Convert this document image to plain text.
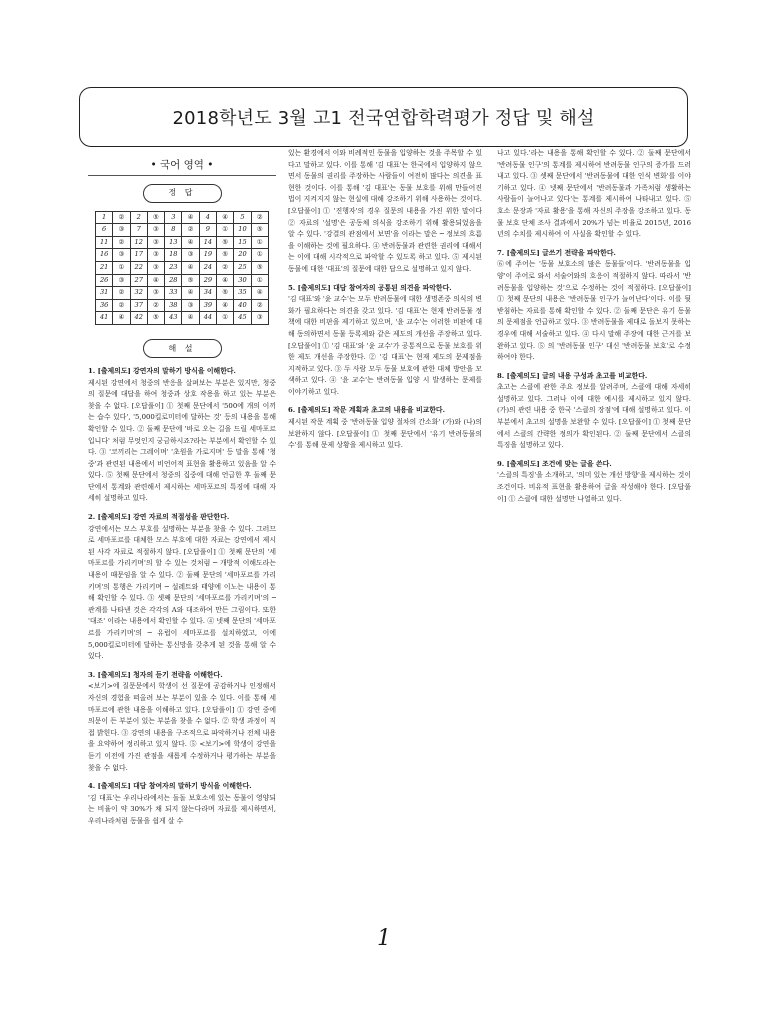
2018학년도 3월 고1 전국연합학력평가 정답 및 해설
• 국어 영역 •
정 답
1	②	2	⑤	3	④	4	④	5	②
6	③	7	③	8	②	9	①	10	⑤
11	②	12	③	13	④	14	⑤	15	①
16	③	17	③	18	③	19	⑤	20	①
21	①	22	③	23	④	24	②	25	⑤
26	③	27	④	28	⑤	29	④	30	①
31	②	32	③	33	④	34	⑤	35	④
36	②	37	②	38	③	39	④	40	②
41	④	42	⑤	43	④	44	①	45	③
해 설
1. [출제의도] 강연자의 말하기 방식을 이해한다.
제시된 강연에서 청중의 반응을 살펴보는 부분은 있지만, 청중의 질문에 대답을 하여 청중과 상호 작용을 하고 있는 부분은 찾을 수 없다. [오답풀이] ① 첫째 문단에서 '500에 개의 이끼는 습수 있다', '5,000킬로미터에 달하는 것' 등의 내용을 통해 확인할 수 있다. ② 둘째 문단에 '바로 오는 길을 드릴 세마포르입니다' 처럼 무엇인지 궁금하시죠?라는 부분에서 확인할 수 있다. ③ '코끼리는 그레이며' '초원을 가로지며' 등 말을 통해 '청중'과 관련된 내용에서 비언어적 표현을 활용하고 있음을 알 수 있다. ⑤ 첫째 문단에서 청중의 집중에 대해 언급한 후 둘째 문단에서 통계와 관련해서 제시하는 세마포르의 특징에 대해 자세히 설명하고 있다.
2. [출제의도] 강연 자료의 적절성을 판단한다.
강연에서는 모스 부호를 설명하는 부분을 찾을 수 있다. 그러므로 세마포르를 대체한 모스 부호에 대한 자료는 강연에서 제시된 사각 자료로 적절하지 않다. [오답풀이] ① 첫째 문단의 '세마포르를 가리키며'의 할 수 있는 것처럼 ─ 개방적 이해도라는 내용이 때문임을 알 수 있다. ② 둘째 문단의 '세마포르를 가리키며'의 통행은 가리키며 ─ 설레트와 태양에 이노는 내용이 통해 확인할 수 있다. ③ 셋째 문단의 '세마포르를 가리키며'의 ─ 관계를 나타낸 것은 각각의 A와 대조하여 만든 그림이다. 또한 '대조' 이라는 내용에서 확인할 수 있다. ④ 넷째 문단의 '세마포르를 가리키며'의 ─ 유럽이 세마포르를 설치하였고, 이에 5,000킬로미터에 달하는 통신망을 갖추게 된 것을 통해 알 수 있다.
3. [출제의도] 청자의 듣기 전략을 이해한다.
<보기>에 질문문에서 학생이 선 질문에 공감하거나 인정해서 자신의 경험을 떠올려 보는 부분이 있을 수 있다. 이를 통해 세마포르에 관한 내용을 이해하고 있다. [오답풀이] ① 강연 중에 의문이 든 부분이 있는 부분을 찾을 수 없다. ② 학생 과정이 직접 밝힌다. ③ 강연의 내용을 구조적으로 파악하거나 전체 내용을 요약하여 정리하고 있지 않다. ⑤ <보기>에 학생이 강연을 듣기 이전에 가진 관점을 새롭게 수정하거나 평가하는 부분을 찾을 수 없다.
4. [출제의도] 대담 참여자의 말하기 방식을 이해한다.
'김 대표'는 우리나라에서는 돌돌 보호소에 있는 동물이 영양되는 비율이 약 30%가 채 되지 않는다라며 자료를 제시하면서, 우리나라처럼 동물을 쉽게 살 수
있는 환경에서 이와 비례적인 동물을 입양하는 것을 주목할 수 있다고 말하고 있다. 이를 통해 '김 대표'는 한국에서 입양하지 않으면서 동물의 권리를 주장하는 사람들이 여전히 많다는 의견을 표현한 것이다. 이를 통해 '김 대표'는 동물 보호를 위해 만들어진 법이 지켜지지 않는 현실에 대해 강조하기 위해 사용하는 것이다. [오답풀이] ① '진행자'의 경우 질문의 내용을 가진 위한 말이다 ② 자료의 '설명'은 공동체 의식을 강조하기 위해 활용되었음을 알 수 있다. '강결의 관점에서 보면'을 이라는 말은 ─ 정보의 흐름을 이해하는 것에 필요하다. ④ 반려동물과 관련한 권리에 대해서는 이에 대해 시각적으로 파악할 수 있도록 하고 있다. ⑤ 제시된 동물에 대한 '대표'의 질문에 대한 답으로 설명하고 있지 않다.
5. [출제의도] 대담 참여자의 공통된 의견을 파악한다.
'김 대표'와 '윤 교수'는 모두 반려동물에 대한 생명존중 의식의 변화가 필요하다는 의견을 갖고 있다. '김 대표'는 현재 반려동물 정책에 대한 비판을 제기하고 있으며, '윤 교수'는 이러한 비판에 대해 동의하면서 동물 등록제와 같은 제도의 개선을 주장하고 있다. [오답풀이] ① '김 대표'와 '윤 교수'가 공통적으로 동물 보호를 위한 제도 개선을 주장한다. ② '김 대표'는 현재 제도의 문제점을 지적하고 있다. ③ 두 사람 모두 동물 보호에 관한 대체 방안을 모색하고 있다. ④ '윤 교수'는 반려동물 입양 시 발생하는 문제를 이야기하고 있다.
6. [출제의도] 작문 계획과 초고의 내용을 비교한다.
제시된 작문 계획 중 '반려동물 입양 절차의 간소화' (가)와 (나)의 보완하지 않다. [오답풀이] ① 첫째 문단에서 '유기 반려동물의 수'를 통해 문제 상황을 제시하고 있다.
나고 있다.'라는 내용을 통해 확인할 수 있다. ② 둘째 문단에서 '반려동물 인구'의 통계를 제시하여 반려동물 인구의 증가를 드러내고 있다. ③ 셋째 문단에서 '반려동물에 대한 인식 변화'를 이야기하고 있다. ④ 넷째 문단에서 '반려동물과 가족처럼 생활하는 사람들이 늘어나고 있다'는 통계를 제시하여 나타내고 있다. ⑤ 호소 문장과 '자료 활용'을 통해 자신의 주장을 강조하고 있다. 동물 보호 단체 조사 결과에서 20%가 넘는 비율로 2015년, 2016년의 수치를 제시하여 이 사실을 확인할 수 있다.
7. [출제의도] 글쓰기 전략을 파악한다.
⑥에 주어는 '동물 보호소의 많은 동물들'이다. '반려동물을 입양'이 주어로 와서 서술어와의 호응이 적절하지 않다. 따라서 '반려동물을 입양하는 것'으로 수정하는 것이 적절하다. [오답풀이] ① 첫째 문단의 내용은 '반려동물 인구가 늘어난다'이다. 이를 뒷받침하는 자료를 통해 확인할 수 있다. ② 둘째 문단은 유기 동물의 문제점을 언급하고 있다. ③ 반려동물을 제대로 돌보지 못하는 경우에 대해 서술하고 있다. ④ 다시 말해 주장에 대한 근거를 보완하고 있다. ⑤ 의 '반려동물 인구' 대신 '반려동물 보호'로 수정하여야 한다.
8. [출제의도] 글의 내용 구성과 초고를 비교한다.
초고는 스클에 관한 주요 정보를 알려주며, 스클에 대해 자세히 설명하고 있다. 그러나 이에 대한 예시를 제시하고 있지 않다. (가)의 관련 내용 중 한국 '스클의 장점'에 대해 설명하고 있다. 이 부분에서 초고의 설명을 보완할 수 있다. [오답풀이] ① 첫째 문단에서 스클의 간략한 정의가 확인된다. ② 둘째 문단에서 스클의 특징을 설명하고 있다.
9. [출제의도] 조건에 맞는 글을 쓴다.
'스클의 특징'을 소개하고, '의미 있는 개선 방향'을 제시하는 것이 조건이다. 비유적 표현을 활용하여 글을 작성해야 한다. [오답풀이] ① 스클에 대한 설명만 나열하고 있다.
1
